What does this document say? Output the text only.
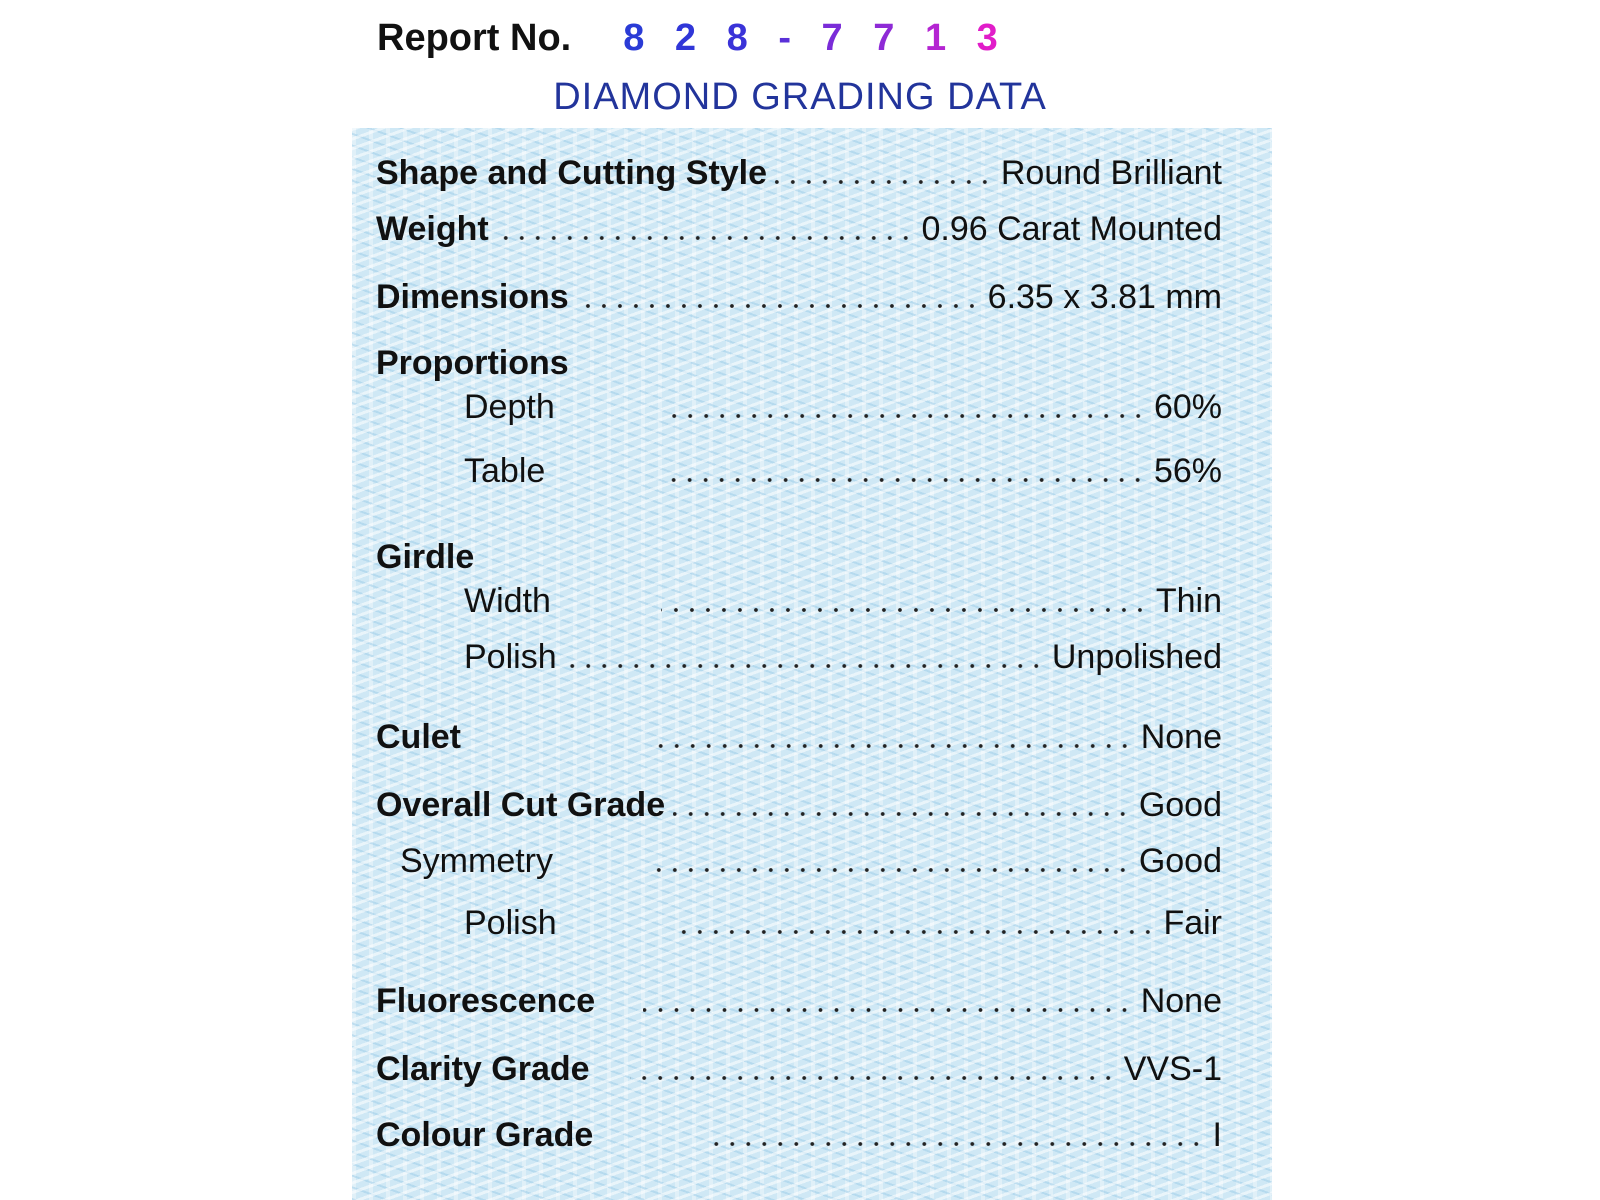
Report No. 8 2 8 - 7 7 1 3
DIAMOND GRADING DATA
Shape and Cutting Style	Round Brilliant
Weight	0.96 Carat Mounted
Dimensions	6.35 x 3.81 mm
Proportions
Depth	60%
Table	56%
Girdle
Width	Thin
Polish	Unpolished
Culet	None
Overall Cut Grade	Good
Symmetry	Good
Polish	Fair
Fluorescence	None
Clarity Grade	VVS-1
Colour Grade	I
